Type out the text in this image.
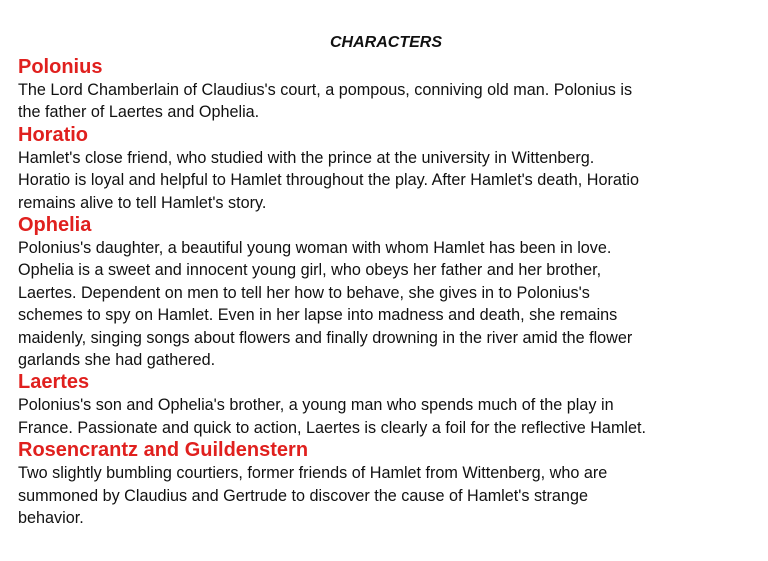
CHARACTERS
Polonius
The Lord Chamberlain of Claudius's court, a pompous, conniving old man. Polonius is
the father of Laertes and Ophelia.
Horatio
Hamlet's close friend, who studied with the prince at the university in Wittenberg.
Horatio is loyal and helpful to Hamlet throughout the play. After Hamlet's death, Horatio
remains alive to tell Hamlet's story.
Ophelia
Polonius's daughter, a beautiful young woman with whom Hamlet has been in love.
Ophelia is a sweet and innocent young girl, who obeys her father and her brother,
Laertes. Dependent on men to tell her how to behave, she gives in to Polonius's
schemes to spy on Hamlet. Even in her lapse into madness and death, she remains
maidenly, singing songs about flowers and finally drowning in the river amid the flower
garlands she had gathered.
Laertes
Polonius's son and Ophelia's brother, a young man who spends much of the play in
France. Passionate and quick to action, Laertes is clearly a foil for the reflective Hamlet.
Rosencrantz and Guildenstern
Two slightly bumbling courtiers, former friends of Hamlet from Wittenberg, who are
summoned by Claudius and Gertrude to discover the cause of Hamlet's strange
behavior.
